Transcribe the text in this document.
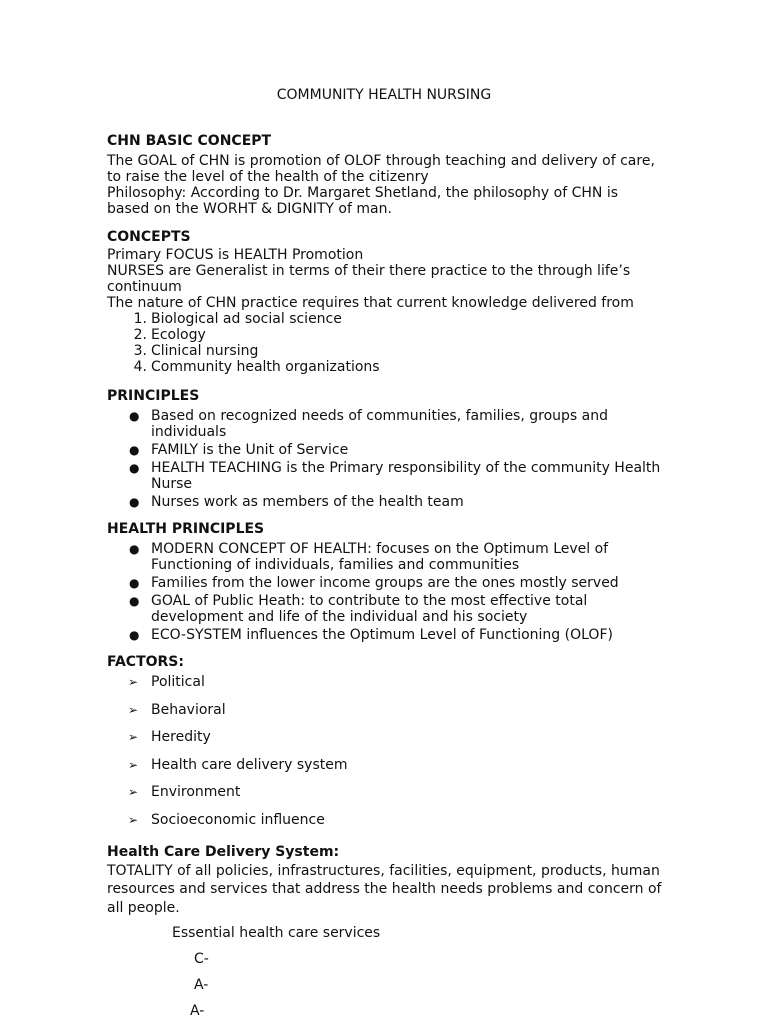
COMMUNITY HEALTH NURSING

CHN BASIC CONCEPT

The GOAL of CHN is promotion of OLOF through teaching and delivery of care,

to raise the level of the health of the citizenry

Philosophy: According to Dr. Margaret Shetland, the philosophy of CHN is

based on the WORHT & DIGNITY of man.

CONCEPTS

Primary FOCUS is HEALTH Promotion

NURSES are Generalist in terms of their there practice to the through life’s

continuum

The nature of CHN practice requires that current knowledge delivered from

1. Biological ad social science
2. Ecology
3. Clinical nursing
4. Community health organizations

PRINCIPLES

● Based on recognized needs of communities, families, groups and
individuals
● FAMILY is the Unit of Service
● HEALTH TEACHING is the Primary responsibility of the community Health
Nurse
● Nurses work as members of the health team

HEALTH PRINCIPLES

● MODERN CONCEPT OF HEALTH: focuses on the Optimum Level of
Functioning of individuals, families and communities
● Families from the lower income groups are the ones mostly served
● GOAL of Public Heath: to contribute to the most effective total
development and life of the individual and his society
● ECO-SYSTEM influences the Optimum Level of Functioning (OLOF)

FACTORS:

➢ Political
➢ Behavioral
➢ Heredity
➢ Health care delivery system
➢ Environment
➢ Socioeconomic influence

Health Care Delivery System:

TOTALITY of all policies, infrastructures, facilities, equipment, products, human

resources and services that address the health needs problems and concern of

all people.

Essential health care services
C-
A-
A-
